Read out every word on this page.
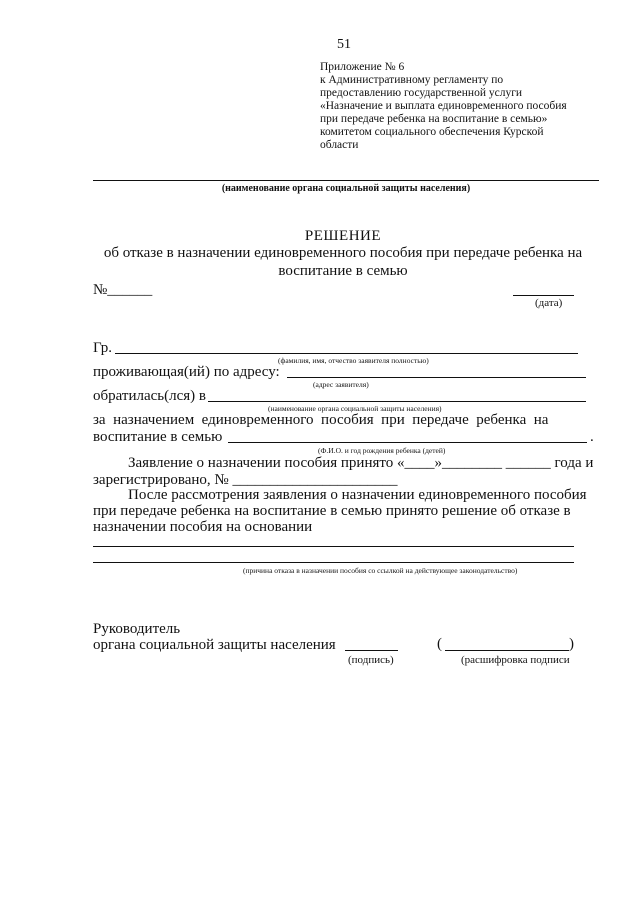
51
Приложение № 6
к Административному регламенту по
предоставлению государственной услуги
«Назначение и выплата единовременного пособия
при передаче ребенка на воспитание в семью»
комитетом социального обеспечения Курской
области
(наименование органа социальной защиты населения)
РЕШЕНИЕ
об отказе в назначении единовременного пособия при передаче ребенка на
воспитание в семью
№______
(дата)
Гр.
(фамилия, имя, отчество заявителя полностью)
проживающая(ий) по адресу:
(адрес заявителя)
обратилась(лся) в
(наименование органа социальной защиты населения)
за  назначением  единовременного  пособия  при  передаче  ребенка  на
воспитание в семью	.
(Ф.И.О. и год рождения ребенка (детей)
Заявление о назначении пособия принято «____»________ ______ года и
зарегистрировано, № ______________________
После рассмотрения заявления о назначении единовременного пособия
при передаче ребенка на воспитание в семью принято решение об отказе в
назначении пособия на основании
(причина отказа в назначении пособия со ссылкой на действующее законодательство)
Руководитель
органа социальной защиты населения
(подпись)
(	)
(расшифровка подписи
